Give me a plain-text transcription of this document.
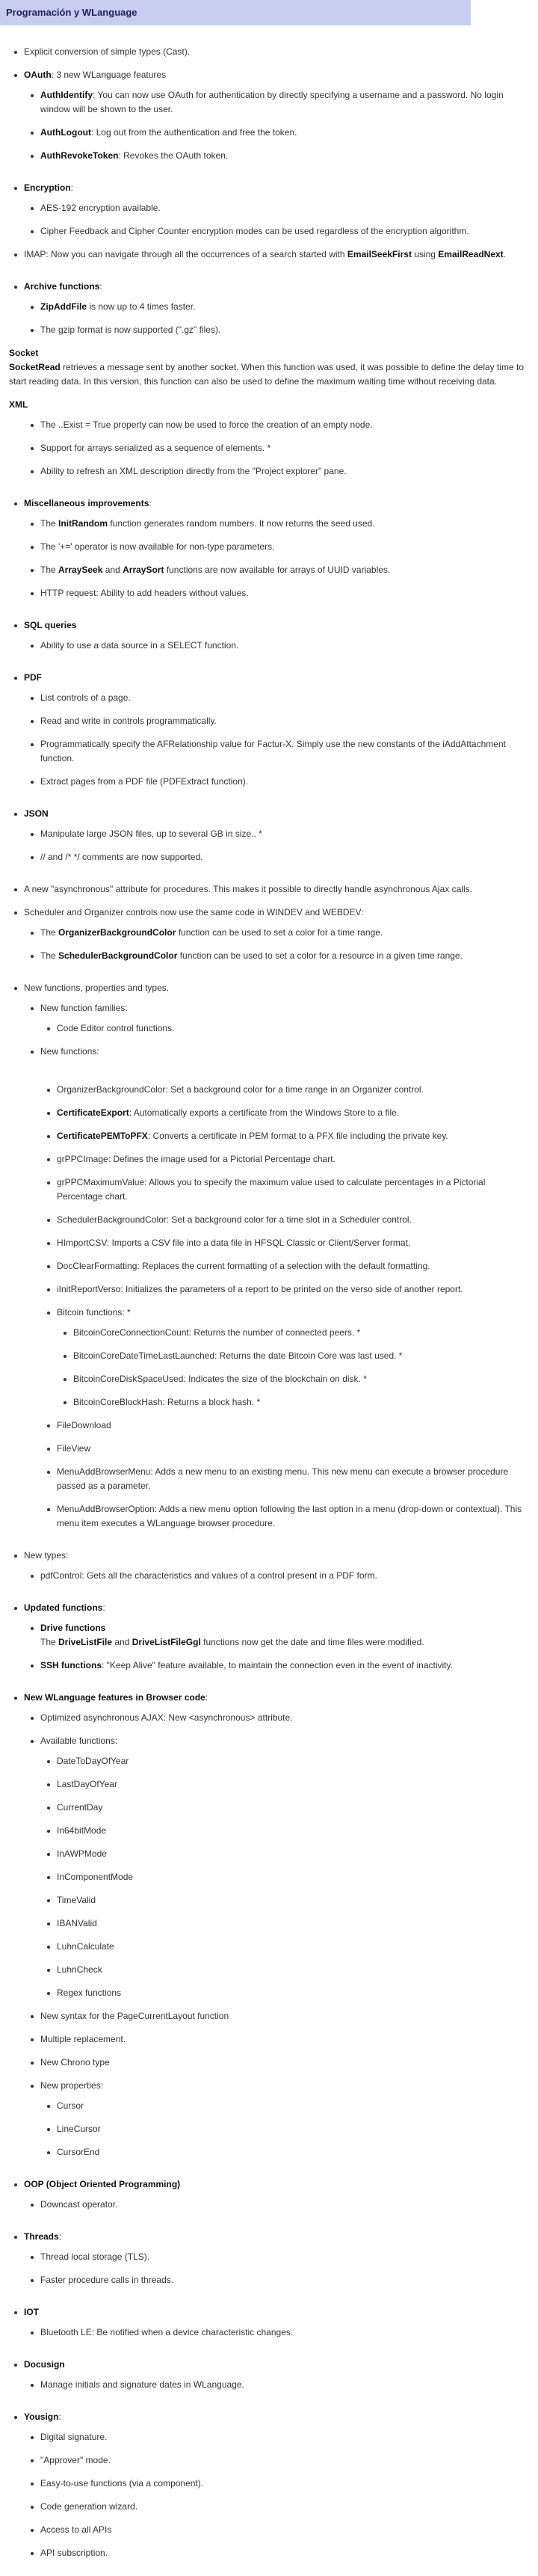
Programación y WLanguage
Explicit conversion of simple types (Cast).
OAuth: 3 new WLanguage features
AuthIdentify: You can now use OAuth for authentication by directly specifying a username and a password. No login window will be shown to the user.
AuthLogout: Log out from the authentication and free the token.
AuthRevokeToken: Revokes the OAuth token.
Encryption:
AES-192 encryption available.
Cipher Feedback and Cipher Counter encryption modes can be used regardless of the encryption algorithm.
IMAP: Now you can navigate through all the occurrences of a search started with EmailSeekFirst using EmailReadNext.
Archive functions:
ZipAddFile is now up to 4 times faster.
The gzip format is now supported (".gz" files).
Socket
SocketRead retrieves a message sent by another socket. When this function was used, it was possible to define the delay time to start reading data. In this version, this function can also be used to define the maximum waiting time without receiving data.
XML
The ..Exist = True property can now be used to force the creation of an empty node.
Support for arrays serialized as a sequence of elements. *
Ability to refresh an XML description directly from the "Project explorer" pane.
Miscellaneous improvements:
The InitRandom function generates random numbers. It now returns the seed used.
The '+=' operator is now available for non-type parameters.
The ArraySeek and ArraySort functions are now available for arrays of UUID variables.
HTTP request: Ability to add headers without values.
SQL queries
Ability to use a data source in a SELECT function.
PDF
List controls of a page.
Read and write in controls programmatically.
Programmatically specify the AFRelationship value for Factur-X. Simply use the new constants of the iAddAttachment function.
Extract pages from a PDF file (PDFExtract function).
JSON
Manipulate large JSON files, up to several GB in size.. *
// and /* */ comments are now supported.
A new "asynchronous" attribute for procedures. This makes it possible to directly handle asynchronous Ajax calls.
Scheduler and Organizer controls now use the same code in WINDEV and WEBDEV:
The OrganizerBackgroundColor function can be used to set a color for a time range.
The SchedulerBackgroundColor function can be used to set a color for a resource in a given time range.
New functions, properties and types.
New function families:
Code Editor control functions.
New functions:
OrganizerBackgroundColor: Set a background color for a time range in an Organizer control.
CertificateExport: Automatically exports a certificate from the Windows Store to a file.
CertificatePEMToPFX: Converts a certificate in PEM format to a PFX file including the private key.
grPPCImage: Defines the image used for a Pictorial Percentage chart.
grPPCMaximumValue: Allows you to specify the maximum value used to calculate percentages in a Pictorial Percentage chart.
SchedulerBackgroundColor: Set a background color for a time slot in a Scheduler control.
HImportCSV: Imports a CSV file into a data file in HFSQL Classic or Client/Server format.
DocClearFormatting: Replaces the current formatting of a selection with the default formatting.
iInitReportVerso: Initializes the parameters of a report to be printed on the verso side of another report.
Bitcoin functions: *
BitcoinCoreConnectionCount: Returns the number of connected peers. *
BitcoinCoreDateTimeLastLaunched: Returns the date Bitcoin Core was last used. *
BitcoinCoreDiskSpaceUsed: Indicates the size of the blockchain on disk. *
BitcoinCoreBlockHash: Returns a block hash. *
FileDownload
FileView
MenuAddBrowserMenu: Adds a new menu to an existing menu. This new menu can execute a browser procedure passed as a parameter.
MenuAddBrowserOption: Adds a new menu option following the last option in a menu (drop-down or contextual). This menu item executes a WLanguage browser procedure.
New types:
pdfControl: Gets all the characteristics and values of a control present in a PDF form.
Updated functions:
Drive functions
The DriveListFile and DriveListFileGgl functions now get the date and time files were modified.
SSH functions: "Keep Alive" feature available, to maintain the connection even in the event of inactivity.
New WLanguage features in Browser code:
Optimized asynchronous AJAX: New <asynchronous> attribute.
Available functions:
DateToDayOfYear
LastDayOfYear
CurrentDay
In64bitMode
InAWPMode
InComponentMode
TimeValid
IBANValid
LuhnCalculate
LuhnCheck
Regex functions
New syntax for the PageCurrentLayout function
Multiple replacement.
New Chrono type
New properties:
Cursor
LineCursor
CursorEnd
OOP (Object Oriented Programming)
Downcast operator.
Threads:
Thread local storage (TLS).
Faster procedure calls in threads.
IOT
Bluetooth LE: Be notified when a device characteristic changes.
Docusign
Manage initials and signature dates in WLanguage.
Yousign:
Digital signature.
"Approver" mode.
Easy-to-use functions (via a component).
Code generation wizard.
Access to all APIs
API subscription.
